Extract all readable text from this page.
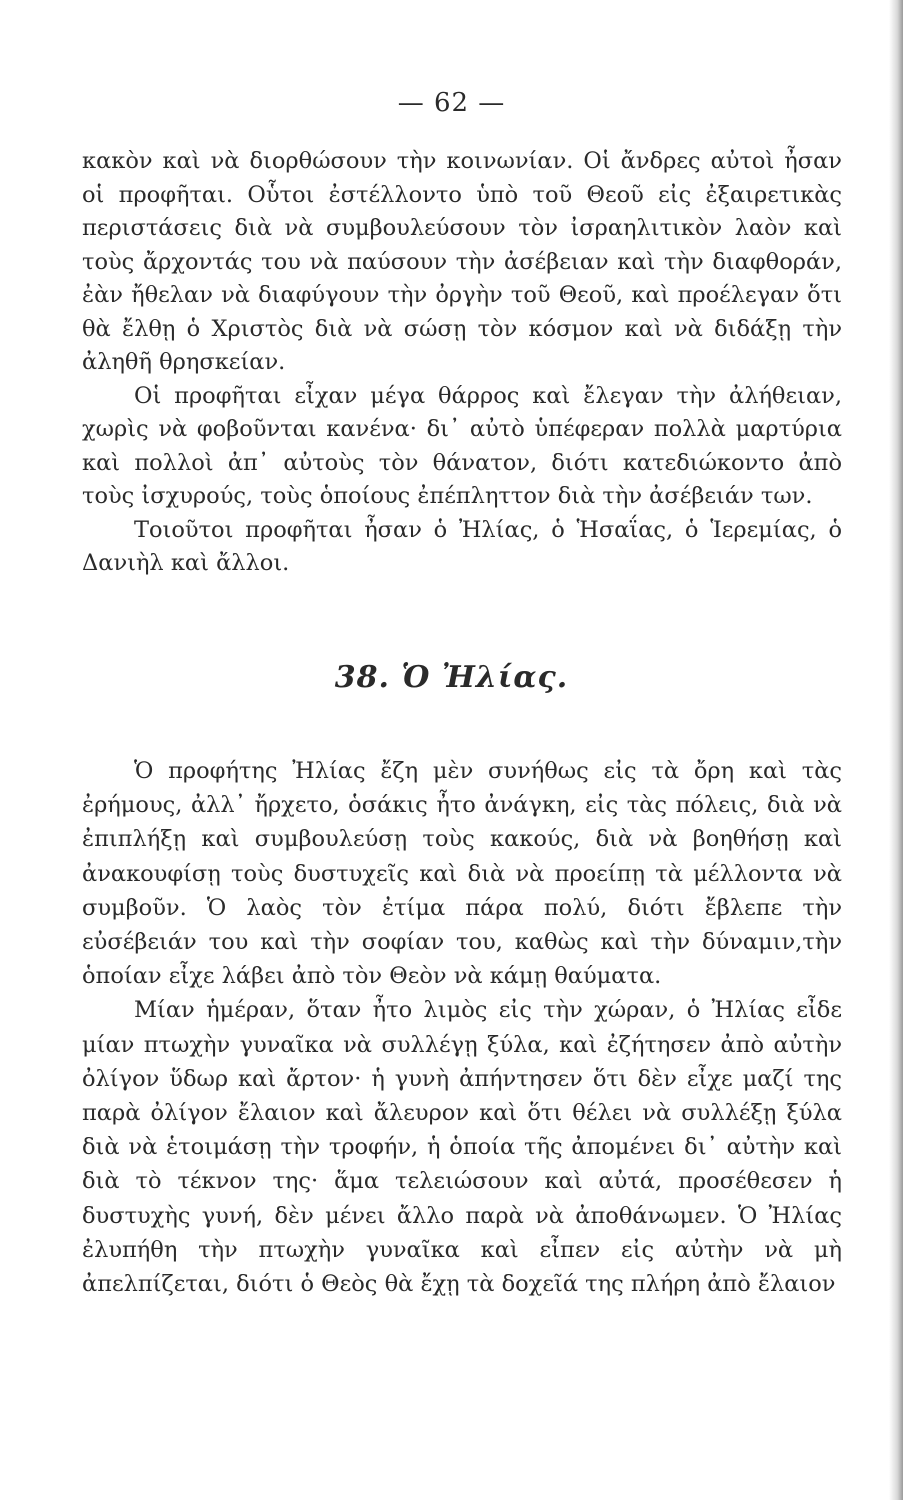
— 62 —

κακὸν καὶ νὰ διορθώσουν τὴν κοινωνίαν. Οἱ ἄνδρες αὐτοὶ ἦσαν οἱ προφῆται. Οὗτοι ἐστέλλοντο ὑπὸ τοῦ Θεοῦ εἰς ἐξαιρετικὰς περιστάσεις διὰ νὰ συμβουλεύσουν τὸν ἰσραηλιτικὸν λαὸν καὶ τοὺς ἄρχοντάς του νὰ παύσουν τὴν ἀσέβειαν καὶ τὴν διαφθοράν, ἐὰν ἤθελαν νὰ διαφύγουν τὴν ὀργὴν τοῦ Θεοῦ, καὶ προέλεγαν ὅτι θὰ ἔλθῃ ὁ Χριστὸς διὰ νὰ σώσῃ τὸν κόσμον καὶ νὰ διδάξῃ τὴν ἀληθῆ θρησκείαν.

Οἱ προφῆται εἶχαν μέγα θάρρος καὶ ἔλεγαν τὴν ἀλήθειαν, χωρὶς νὰ φοβοῦνται κανένα· δι᾽ αὐτὸ ὑπέφεραν πολλὰ μαρτύρια καὶ πολλοὶ ἀπ᾽ αὐτοὺς τὸν θάνατον, διότι κατεδιώκοντο ἀπὸ τοὺς ἰσχυρούς, τοὺς ὁποίους ἐπέπληττον διὰ τὴν ἀσέβειάν των.

Τοιοῦτοι προφῆται ἦσαν ὁ Ἠλίας, ὁ Ἡσαΐας, ὁ Ἱερεμίας, ὁ Δανιὴλ καὶ ἄλλοι.

38. Ὁ Ἠλίας.

Ὁ προφήτης Ἠλίας ἔζη μὲν συνήθως εἰς τὰ ὄρη καὶ τὰς ἐρήμους, ἀλλ᾽ ἤρχετο, ὁσάκις ἦτο ἀνάγκη, εἰς τὰς πόλεις, διὰ νὰ ἐπιπλήξῃ καὶ συμβουλεύσῃ τοὺς κακούς, διὰ νὰ βοηθήσῃ καὶ ἀνακουφίσῃ τοὺς δυστυχεῖς καὶ διὰ νὰ προείπῃ τὰ μέλλοντα νὰ συμβοῦν. Ὁ λαὸς τὸν ἐτίμα πάρα πολύ, διότι ἔβλεπε τὴν εὐσέβειάν του καὶ τὴν σοφίαν του, καθὼς καὶ τὴν δύναμιν,τὴν ὁποίαν εἶχε λάβει ἀπὸ τὸν Θεὸν νὰ κάμῃ θαύματα.

Μίαν ἡμέραν, ὅταν ἦτο λιμὸς εἰς τὴν χώραν, ὁ Ἠλίας εἶδε μίαν πτωχὴν γυναῖκα νὰ συλλέγῃ ξύλα, καὶ ἐζήτησεν ἀπὸ αὐτὴν ὀλίγον ὕδωρ καὶ ἄρτον· ἡ γυνὴ ἀπήντησεν ὅτι δὲν εἶχε μαζί της παρὰ ὀλίγον ἔλαιον καὶ ἄλευρον καὶ ὅτι θέλει νὰ συλλέξῃ ξύλα διὰ νὰ ἑτοιμάσῃ τὴν τροφήν, ἡ ὁποία τῆς ἀπομένει δι᾽ αὐτὴν καὶ διὰ τὸ τέκνον της· ἅμα τελειώσουν καὶ αὐτά, προσέθεσεν ἡ δυστυχὴς γυνή, δὲν μένει ἄλλο παρὰ νὰ ἀποθάνωμεν. Ὁ Ἠλίας ἐλυπήθη τὴν πτωχὴν γυναῖκα καὶ εἶπεν εἰς αὐτὴν νὰ μὴ ἀπελπίζεται, διότι ὁ Θεὸς θὰ ἔχῃ τὰ δοχεῖά της πλήρη ἀπὸ ἔλαιον
